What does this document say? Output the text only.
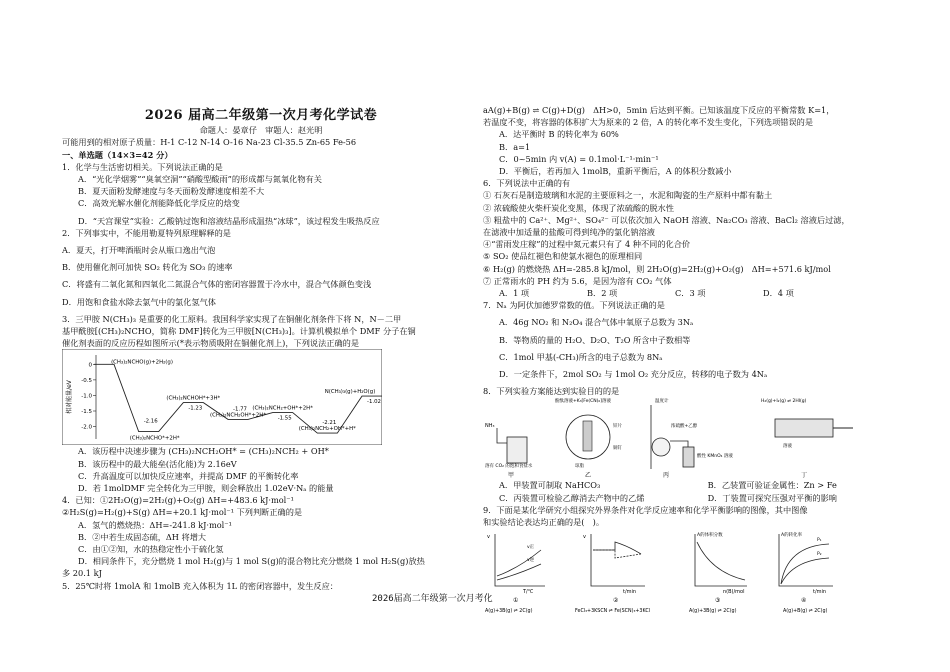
2026 届高二年级第一次月考化学试卷
命题人：晏章仔　审题人：赵光明
可能用到的相对原子质量：H-1 C-12 N-14 O-16 Na-23 Cl-35.5 Zn-65 Fe-56
一、单选题（14×3=42 分）
1．化学与生活密切相关。下列说法正确的是
A．“光化学烟雾”“臭氧空洞”“硝酸型酸雨”的形成都与氮氧化物有关
B．夏天面粉发酵速度与冬天面粉发酵速度相差不大
C．高效光解水催化剂能降低化学反应的焓变
D．“天宫课堂”实验：乙酸钠过饱和溶液结晶形成温热“冰球”，该过程发生吸热反应
2．下列事实中，不能用勒夏特列原理解释的是
A．夏天，打开啤酒瓶时会从瓶口逸出气泡
B．使用催化剂可加快 SO₂ 转化为 SO₃ 的速率
C．将盛有二氧化氮和四氧化二氮混合气体的密闭容器置于冷水中，混合气体颜色变浅
D．用饱和食盐水除去氯气中的氯化氢气体
3．三甲胺 N(CH₃)₃ 是重要的化工原料。我国科学家实现了在铜催化剂条件下将 N，N－二甲
基甲酰胺[(CH₃)₂NCHO，简称 DMF]转化为三甲胺[N(CH₃)₃]。计算机模拟单个 DMF 分子在铜
催化剂表面的反应历程如图所示(*表示物质吸附在铜催化剂上)，下列说法正确的是
相对能量/eV
0
-0.5
-1.0
-1.5
-2.0
(CH₃)₂NCHO(g)+2H₂(g)
(CH₃)₂NCHO*+2H*
(CH₃)₂NCHOH*+3H*
(CH₃)₂NCH₂OH*+2H*
(CH₃)₂NCH₂+OH*+2H*
(CH₃)₂NCH₂+OH*+H*
N(CH₃)₃(g)+H₂O(g)
-2.16
-1.23	-1.77
-1.55
-2.21
-1.02
A．该历程中决速步骤为 (CH₃)₂NCH₂OH* = (CH₃)₂NCH₂ + OH*
B．该历程中的最大能垒(活化能)为 2.16eV
C．升高温度可以加快反应速率，并提高 DMF 的平衡转化率
D．若 1molDMF 完全转化为三甲胺，则会释放出 1.02eV·Nₐ 的能量
4．已知：①2H₂O(g)=2H₂(g)+O₂(g) ΔH=+483.6 kJ·mol⁻¹
②H₂S(g)=H₂(g)+S(g) ΔH=+20.1 kJ·mol⁻¹ 下列判断正确的是
A．氢气的燃烧热：ΔH=-241.8 kJ·mol⁻¹
B．②中若生成固态硫，ΔH 将增大
C．由①②知，水的热稳定性小于硫化氢
D．相同条件下，充分燃烧 1 mol H₂(g)与 1 mol S(g)的混合物比充分燃烧 1 mol H₂S(g)放热
多 20.1 kJ
5．25℃时将 1molA 和 1molB 充入体积为 1L 的密闭容器中，发生反应：
aA(g)+B(g) ⇌ C(g)+D(g)　ΔH>0，5min 后达到平衡。已知该温度下反应的平衡常数 K=1，
若温度不变，将容器的体积扩大为原来的 2 倍，A 的转化率不发生变化，下列选项错误的是
A．达平衡时 B 的转化率为 60%
B．a=1
C．0~5min 内 v(A) = 0.1mol·L⁻¹·min⁻¹
D．平衡后，若再加入 1molB，重新平衡后，A 的体积分数减小
6．下列说法中正确的有
① 石灰石是制造玻璃和水泥的主要原料之一，水泥和陶瓷的生产原料中都有黏土
② 浓硫酸使火柴杆炭化变黑，体现了浓硫酸的脱水性
③ 粗盐中的 Ca²⁺、Mg²⁺、SO₄²⁻ 可以依次加入 NaOH 溶液、Na₂CO₃ 溶液、BaCl₂ 溶液后过滤，
在滤液中加适量的盐酸可得到纯净的氯化钠溶液
④“雷雨发庄稼”的过程中氮元素只有了 4 种不同的化合价
⑤ SO₂ 使品红褪色和使氯水褪色的原理相同
⑥ H₂(g) 的燃烧热 ΔH=-285.8 kJ/mol，则 2H₂O(g)=2H₂(g)+O₂(g)　ΔH=+571.6 kJ/mol
⑦ 正常雨水的 PH 约为 5.6，是因为溶有 CO₂ 气体
A．1 项	B．2 项	C．3 项	D．4 项
7．Nₐ 为阿伏加德罗常数的值。下列说法正确的是
A．46g NO₂ 和 N₂O₄ 混合气体中氧原子总数为 3Nₐ
B．等物质的量的 H₂O、D₂O、T₂O 所含中子数相等
C．1mol 甲基(-CH₃)所含的电子总数为 8Nₐ
D．一定条件下，2mol SO₂ 与 1mol O₂ 充分反应，转移的电子数为 4Nₐ
8．下列实验方案能达到实验目的的是
NH₃
溶有 CO₂ 的饱和食盐水
酚酞溶液+K₃[Fe(CN)₆]溶液
锌片
铜钉
琼脂
温度计
酸性 KMnO₄ 溶液
浓硫酸+乙醇
H₂(g)+I₂(g) ⇌ 2HI(g)
溶液
甲	乙	丙	丁
A．甲装置可制取 NaHCO₃	B．乙装置可验证金属性：Zn > Fe
C．丙装置可检验乙醇消去产物中的乙烯	D．丁装置可探究压强对平衡的影响
9．下面是某化学研究小组探究外界条件对化学反应速率和化学平衡影响的图像，其中图像
和实验结论表达均正确的是(　)。
v
v正
v逆
T/℃
①
A(g)+3B(g) ⇌ 2C(g)
v
t/min
②
FeCl₃+3KSCN ⇌ Fe(SCN)₃+3KCl
A的体积分数
n(B)/mol
③
A(g)+3B(g) ⇌ 2C(g)
A的转化率
P₁
P₂
t/min
④
A(g)+B(g) ⇌ 2C(g)
2026届高二年级第一次月考化
